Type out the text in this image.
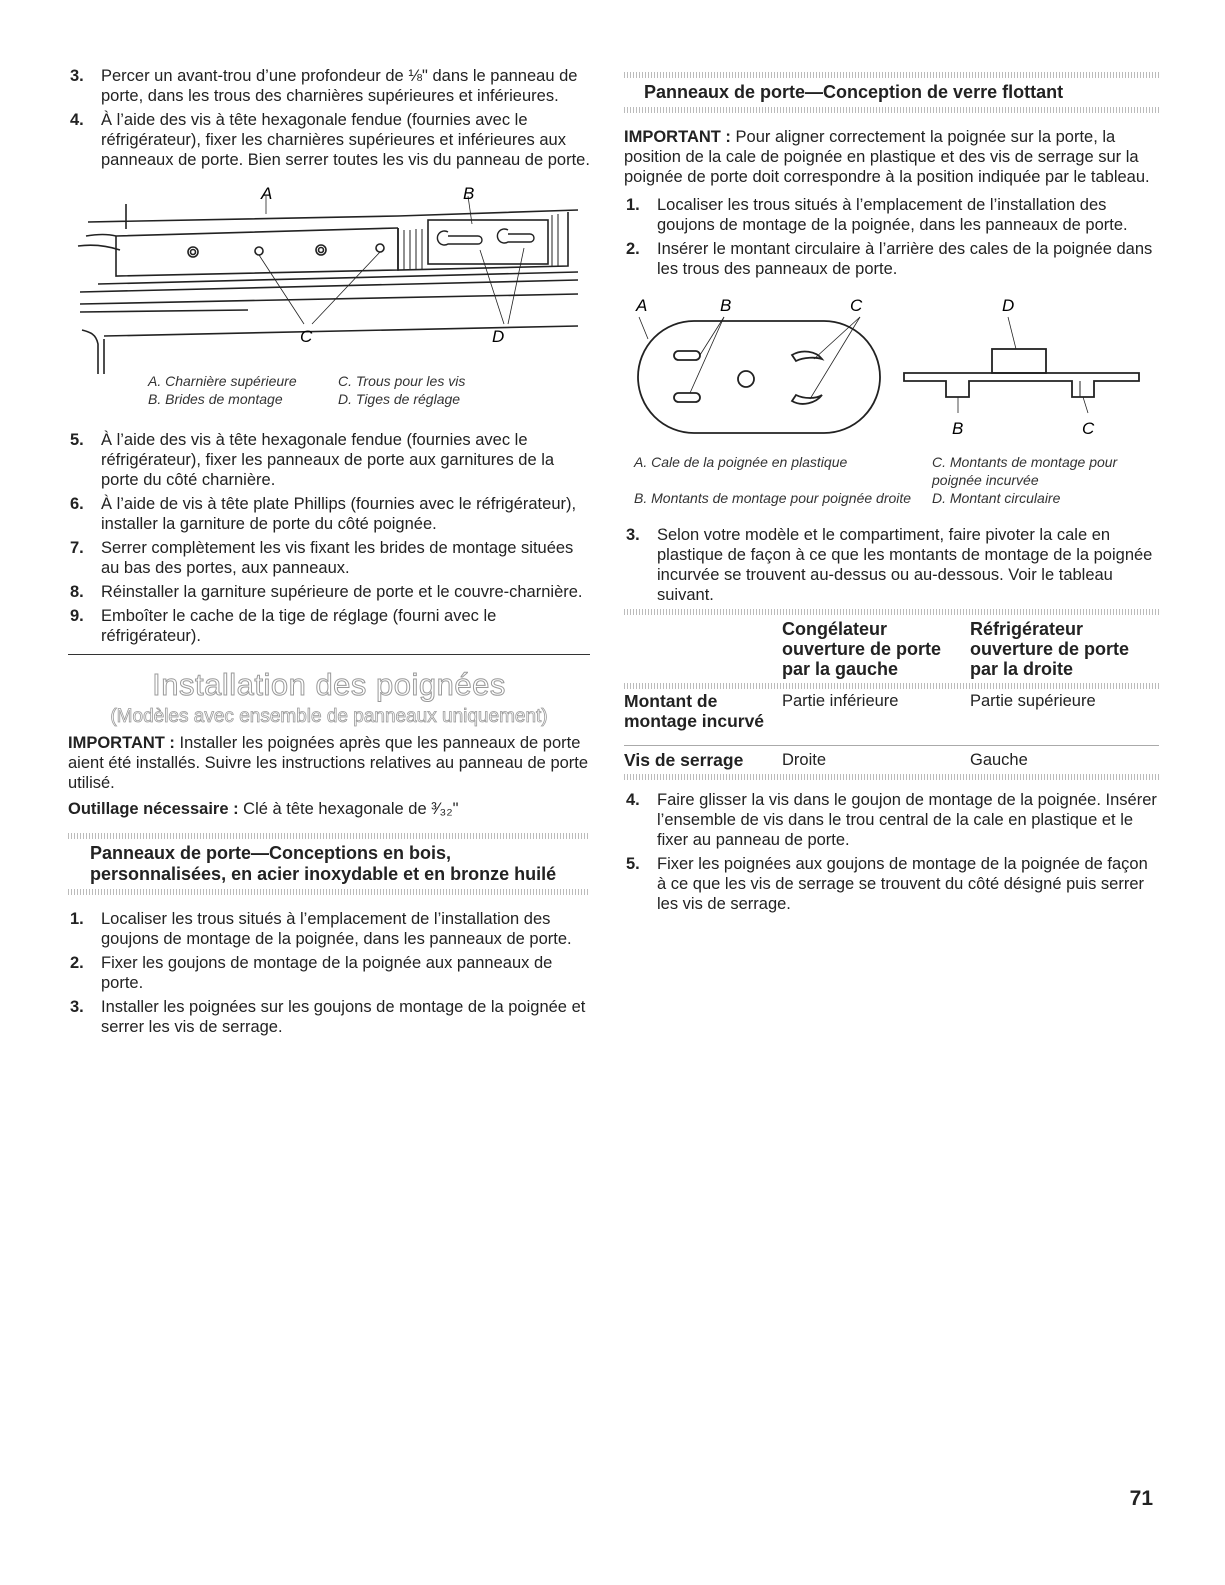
3. Percer un avant-trou d’une profondeur de ⅛" dans le panneau de porte, dans les trous des charnières supérieures et inférieures.
4. À l’aide des vis à tête hexagonale fendue (fournies avec le réfrigérateur), fixer les charnières supérieures et inférieures aux panneaux de porte. Bien serrer toutes les vis du panneau de porte.
A	B
C	D
A. Charnière supérieure	C. Trous pour les vis
B. Brides de montage	D. Tiges de réglage
5. À l’aide des vis à tête hexagonale fendue (fournies avec le réfrigérateur), fixer les panneaux de porte aux garnitures de la porte du côté charnière.
6. À l’aide de vis à tête plate Phillips (fournies avec le réfrigérateur), installer la garniture de porte du côté poignée.
7. Serrer complètement les vis fixant les brides de montage situées au bas des portes, aux panneaux.
8. Réinstaller la garniture supérieure de porte et le couvre-charnière.
9. Emboîter le cache de la tige de réglage (fourni avec le réfrigérateur).
Installation des poignées
(Modèles avec ensemble de panneaux uniquement)

IMPORTANT : Installer les poignées après que les panneaux de porte aient été installés. Suivre les instructions relatives au panneau de porte utilisé.

Outillage nécessaire : Clé à tête hexagonale de ³⁄₃₂"

Panneaux de porte—Conceptions en bois, personnalisées, en acier inoxydable et en bronze huilé
1. Localiser les trous situés à l’emplacement de l’installation des goujons de montage de la poignée, dans les panneaux de porte.
2. Fixer les goujons de montage de la poignée aux panneaux de porte.
3. Installer les poignées sur les goujons de montage de la poignée et serrer les vis de serrage.
Panneaux de porte—Conception de verre flottant

IMPORTANT : Pour aligner correctement la poignée sur la porte, la position de la cale de poignée en plastique et des vis de serrage sur la poignée de porte doit correspondre à la position indiquée par le tableau.

1. Localiser les trous situés à l’emplacement de l’installation des goujons de montage de la poignée, dans les panneaux de porte.
2. Insérer le montant circulaire à l’arrière des cales de la poignée dans les trous des panneaux de porte.
A	B	C	D
B	C
A. Cale de la poignée en plastique	C. Montants de montage pour poignée incurvée
B. Montants de montage pour poignée droite	D. Montant circulaire
3. Selon votre modèle et le compartiment, faire pivoter la cale en plastique de façon à ce que les montants de montage de la poignée incurvée se trouvent au-dessus ou au-dessous. Voir le tableau suivant.
	Congélateur ouverture de porte par la gauche	Réfrigérateur ouverture de porte par la droite
Montant de montage incurvé	Partie inférieure	Partie supérieure
Vis de serrage	Droite	Gauche
4. Faire glisser la vis dans le goujon de montage de la poignée. Insérer l’ensemble de vis dans le trou central de la cale en plastique et le fixer au panneau de porte.
5. Fixer les poignées aux goujons de montage de la poignée de façon à ce que les vis de serrage se trouvent du côté désigné puis serrer les vis de serrage.
71
